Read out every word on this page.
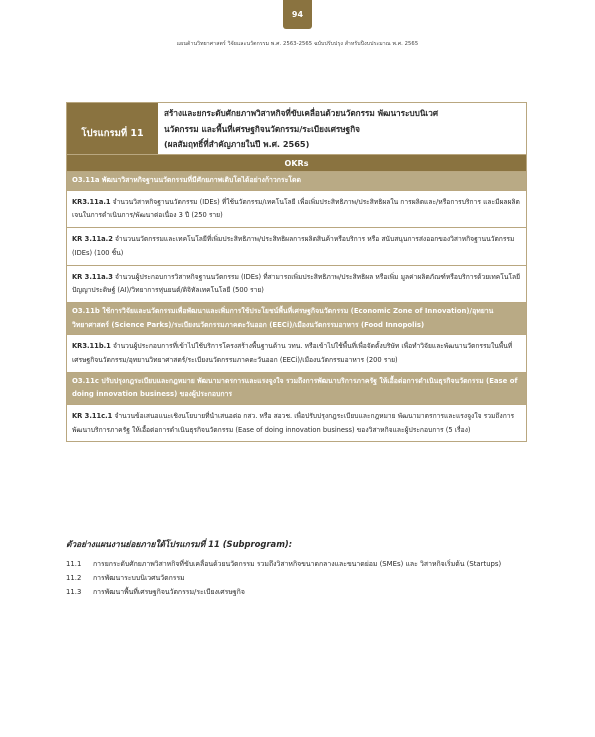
94
แผนด้านวิทยาศาสตร์ วิจัยและนวัตกรรม พ.ศ. 2563-2565 ฉบับปรับปรุง สำหรับปีงบประมาณ พ.ศ. 2565
โปรแกรมที่ 11
สร้างและยกระดับศักยภาพวิสาหกิจที่ขับเคลื่อนด้วยนวัตกรรม พัฒนาระบบนิเวศ
นวัตกรรม และพื้นที่เศรษฐกิจนวัตกรรม/ระเบียงเศรษฐกิจ
(ผลสัมฤทธิ์ที่สำคัญภายในปี พ.ศ. 2565)
OKRs
O3.11a พัฒนาวิสาหกิจฐานนวัตกรรมที่มีศักยภาพเติบโตได้อย่างก้าวกระโดด
KR3.11a.1 จำนวนวิสาหกิจฐานนวัตกรรม (IDEs) ที่ใช้นวัตกรรม/เทคโนโลยี เพื่อเพิ่มประสิทธิภาพ/ประสิทธิผลใน การผลิตและ/หรือการบริการ และมีผลผลิตเจนในการดำเนินการ/พัฒนาต่อเนื่อง 3 ปี (250 ราย)
KR 3.11a.2 จำนวนนวัตกรรมและเทคโนโลยีที่เพิ่มประสิทธิภาพ/ประสิทธิผลการผลิตสินค้าหรือบริการ หรือ สนับสนุนการส่งออกของวิสาหกิจฐานนวัตกรรม (IDEs) (100 ชิ้น)
KR 3.11a.3 จำนวนผู้ประกอบการวิสาหกิจฐานนวัตกรรม (IDEs) ที่สามารถเพิ่มประสิทธิภาพ/ประสิทธิผล หรือเพิ่ม มูลค่าผลิตภัณฑ์หรือบริการด้วยเทคโนโลยีปัญญาประดิษฐ์ (AI)/วิทยาการหุ่นยนต์/ดิจิทัลเทคโนโลยี (500 ราย)
O3.11b ใช้การวิจัยและนวัตกรรมเพื่อพัฒนาและเพิ่มการใช้ประโยชน์พื้นที่เศรษฐกิจนวัตกรรม (Economic Zone of Innovation)/อุทยานวิทยาศาสตร์ (Science Parks)/ระเบียงนวัตกรรมภาคตะวันออก (EECi)/เมืองนวัตกรรมอาหาร (Food Innopolis)
KR3.11b.1 จำนวนผู้ประกอบการที่เข้าไปใช้บริการโครงสร้างพื้นฐานด้าน วทน. หรือเข้าไปใช้พื้นที่เพื่อจัดตั้งบริษัท เพื่อทำวิจัยและพัฒนานวัตกรรมในพื้นที่เศรษฐกิจนวัตกรรม/อุทยานวิทยาศาสตร์/ระเบียงนวัตกรรมภาคตะวันออก (EECi)/เมืองนวัตกรรมอาหาร (200 ราย)
O3.11c ปรับปรุงกฎระเบียบและกฎหมาย พัฒนามาตรการและแรงจูงใจ รวมถึงการพัฒนาบริการภาครัฐ ให้เอื้อต่อการดำเนินธุรกิจนวัตกรรม (Ease of doing innovation business) ของผู้ประกอบการ
KR 3.11c.1 จำนวนข้อเสนอแนะเชิงนโยบายที่นำเสนอต่อ กสว. หรือ สอวช. เพื่อปรับปรุงกฎระเบียบและกฎหมาย พัฒนามาตรการและแรงจูงใจ รวมถึงการพัฒนาบริการภาครัฐ ให้เอื้อต่อการดำเนินธุรกิจนวัตกรรม (Ease of doing innovation business) ของวิสาหกิจและผู้ประกอบการ (5 เรื่อง)
ตัวอย่างแผนงานย่อยภายใต้โปรแกรมที่ 11 (Subprogram):
11.1	การยกระดับศักยภาพวิสาหกิจที่ขับเคลื่อนด้วยนวัตกรรม รวมถึงวิสาหกิจขนาดกลางและขนาดย่อม (SMEs) และ วิสาหกิจเริ่มต้น (Startups)
11.2	การพัฒนาระบบนิเวศนวัตกรรม
11.3	การพัฒนาพื้นที่เศรษฐกิจนวัตกรรม/ระเบียงเศรษฐกิจ
